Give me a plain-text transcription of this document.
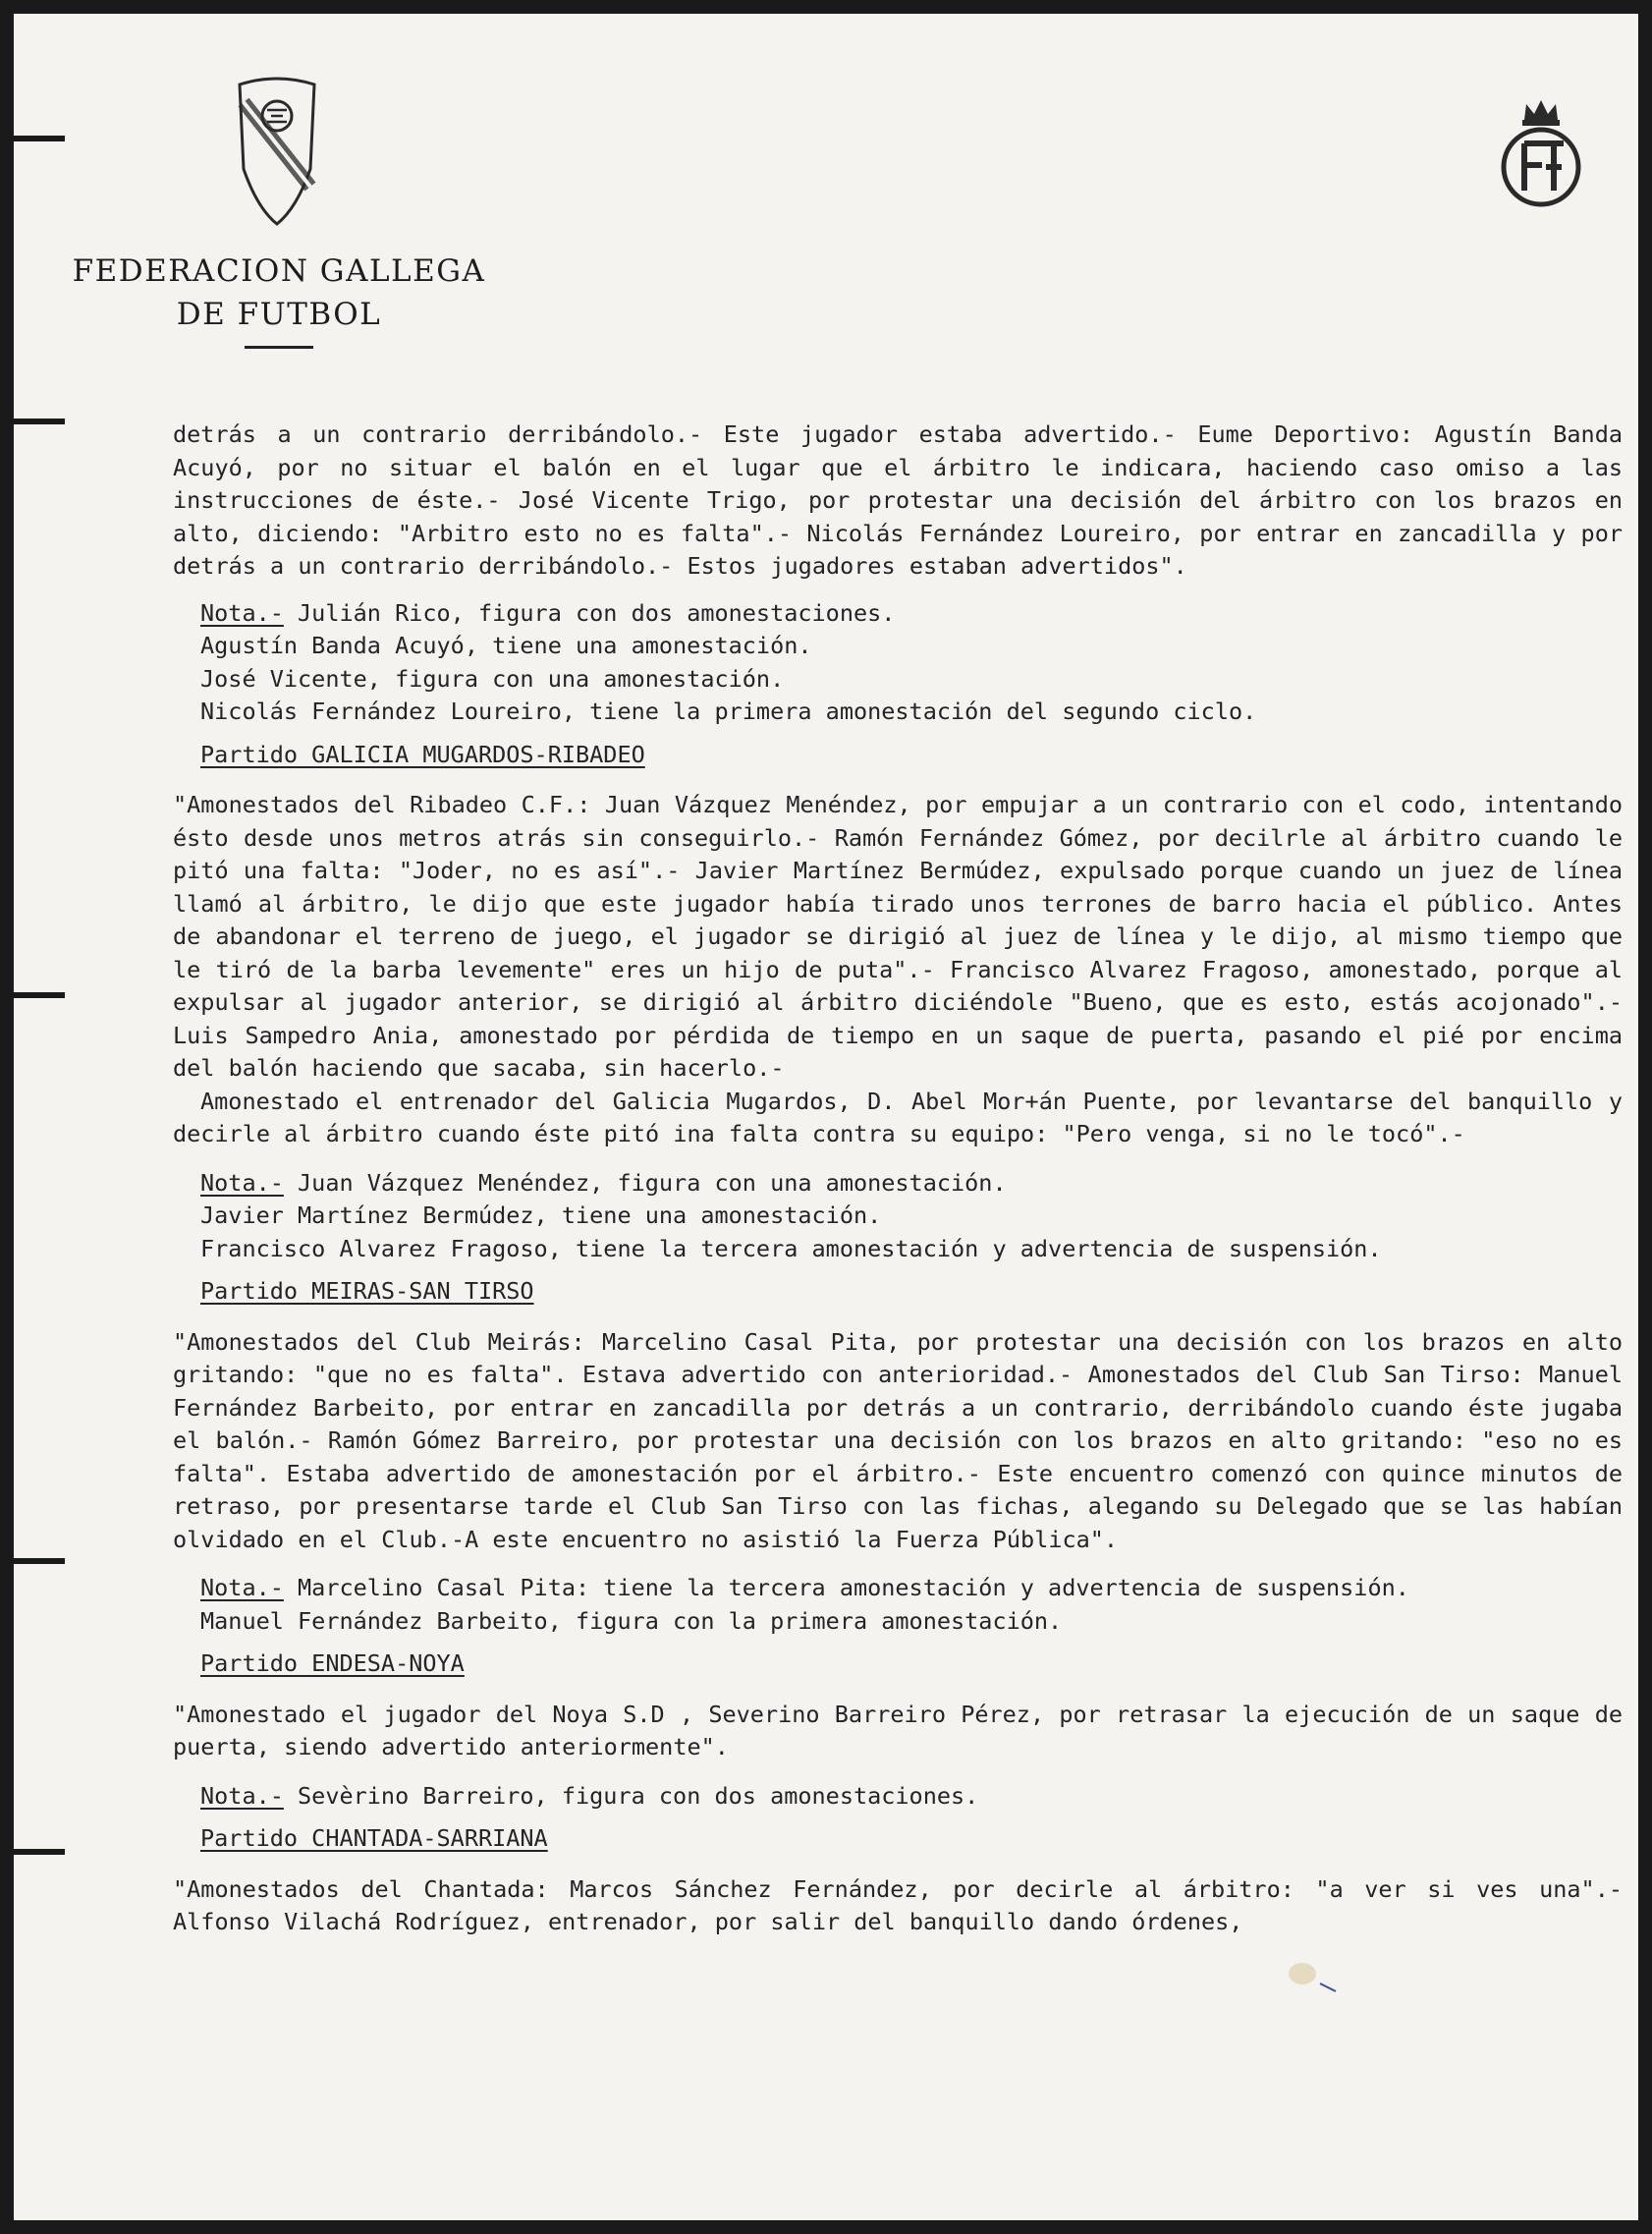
FEDERACION GALLEGA
DE FUTBOL

detrás a un contrario derribándolo.- Este jugador estaba advertido.- Eume Deportivo: Agustín Banda Acuyó, por no situar el balón en el lugar que el árbitro le indicara, haciendo caso omiso a las instrucciones de éste.- José Vicente Trigo, por protestar una decisión del árbitro con los brazos en alto, diciendo: "Arbitro esto no es falta".- Nicolás Fernández Loureiro, por entrar en zancadilla y por detrás a un contrario derribándolo.- Estos jugadores estaban advertidos".

Nota.- Julián Rico, figura con dos amonestaciones.
Agustín Banda Acuyó, tiene una amonestación.
José Vicente, figura con una amonestación.
Nicolás Fernández Loureiro, tiene la primera amonestación del segundo ciclo.
Partido GALICIA MUGARDOS-RIBADEO

"Amonestados del Ribadeo C.F.: Juan Vázquez Menéndez, por empujar a un contrario con el codo, intentando ésto desde unos metros atrás sin conseguirlo.- Ramón Fernández Gómez, por decilrle al árbitro cuando le pitó una falta: "Joder, no es así".- Javier Martínez Bermúdez, expulsado porque cuando un juez de línea llamó al árbitro, le dijo que este jugador había tirado unos terrones de barro hacia el público. Antes de abandonar el terreno de juego, el jugador se dirigió al juez de línea y le dijo, al mismo tiempo que le tiró de la barba levemente" eres un hijo de puta".- Francisco Alvarez Fragoso, amonestado, porque al expulsar al jugador anterior, se dirigió al árbitro diciéndole "Bueno, que es esto, estás acojonado".- Luis Sampedro Ania, amonestado por pérdida de tiempo en un saque de puerta, pasando el pié por encima del balón haciendo que sacaba, sin hacerlo.-

Amonestado el entrenador del Galicia Mugardos, D. Abel Mor+án Puente, por levantarse del banquillo y decirle al árbitro cuando éste pitó ina falta contra su equipo: "Pero venga, si no le tocó".-

Nota.- Juan Vázquez Menéndez, figura con una amonestación.
Javier Martínez Bermúdez, tiene una amonestación.
Francisco Alvarez Fragoso, tiene la tercera amonestación y advertencia de suspensión.
Partido MEIRAS-SAN TIRSO

"Amonestados del Club Meirás: Marcelino Casal Pita, por protestar una decisión con los brazos en alto gritando: "que no es falta". Estava advertido con anterioridad.- Amonestados del Club San Tirso: Manuel Fernández Barbeito, por entrar en zancadilla por detrás a un contrario, derribándolo cuando éste jugaba el balón.- Ramón Gómez Barreiro, por protestar una decisión con los brazos en alto gritando: "eso no es falta". Estaba advertido de amonestación por el árbitro.- Este encuentro comenzó con quince minutos de retraso, por presentarse tarde el Club San Tirso con las fichas, alegando su Delegado que se las habían olvidado en el Club.-A este encuentro no asistió la Fuerza Pública".

Nota.- Marcelino Casal Pita: tiene la tercera amonestación y advertencia de suspensión.
Manuel Fernández Barbeito, figura con la primera amonestación.
Partido ENDESA-NOYA

"Amonestado el jugador del Noya S.D , Severino Barreiro Pérez, por retrasar la ejecución de un saque de puerta, siendo advertido anteriormente".

Nota.- Sevèrino Barreiro, figura con dos amonestaciones.
Partido CHANTADA-SARRIANA

"Amonestados del Chantada: Marcos Sánchez Fernández, por decirle al árbitro: "a ver si ves una".- Alfonso Vilachá Rodríguez, entrenador, por salir del banquillo dando órdenes,
